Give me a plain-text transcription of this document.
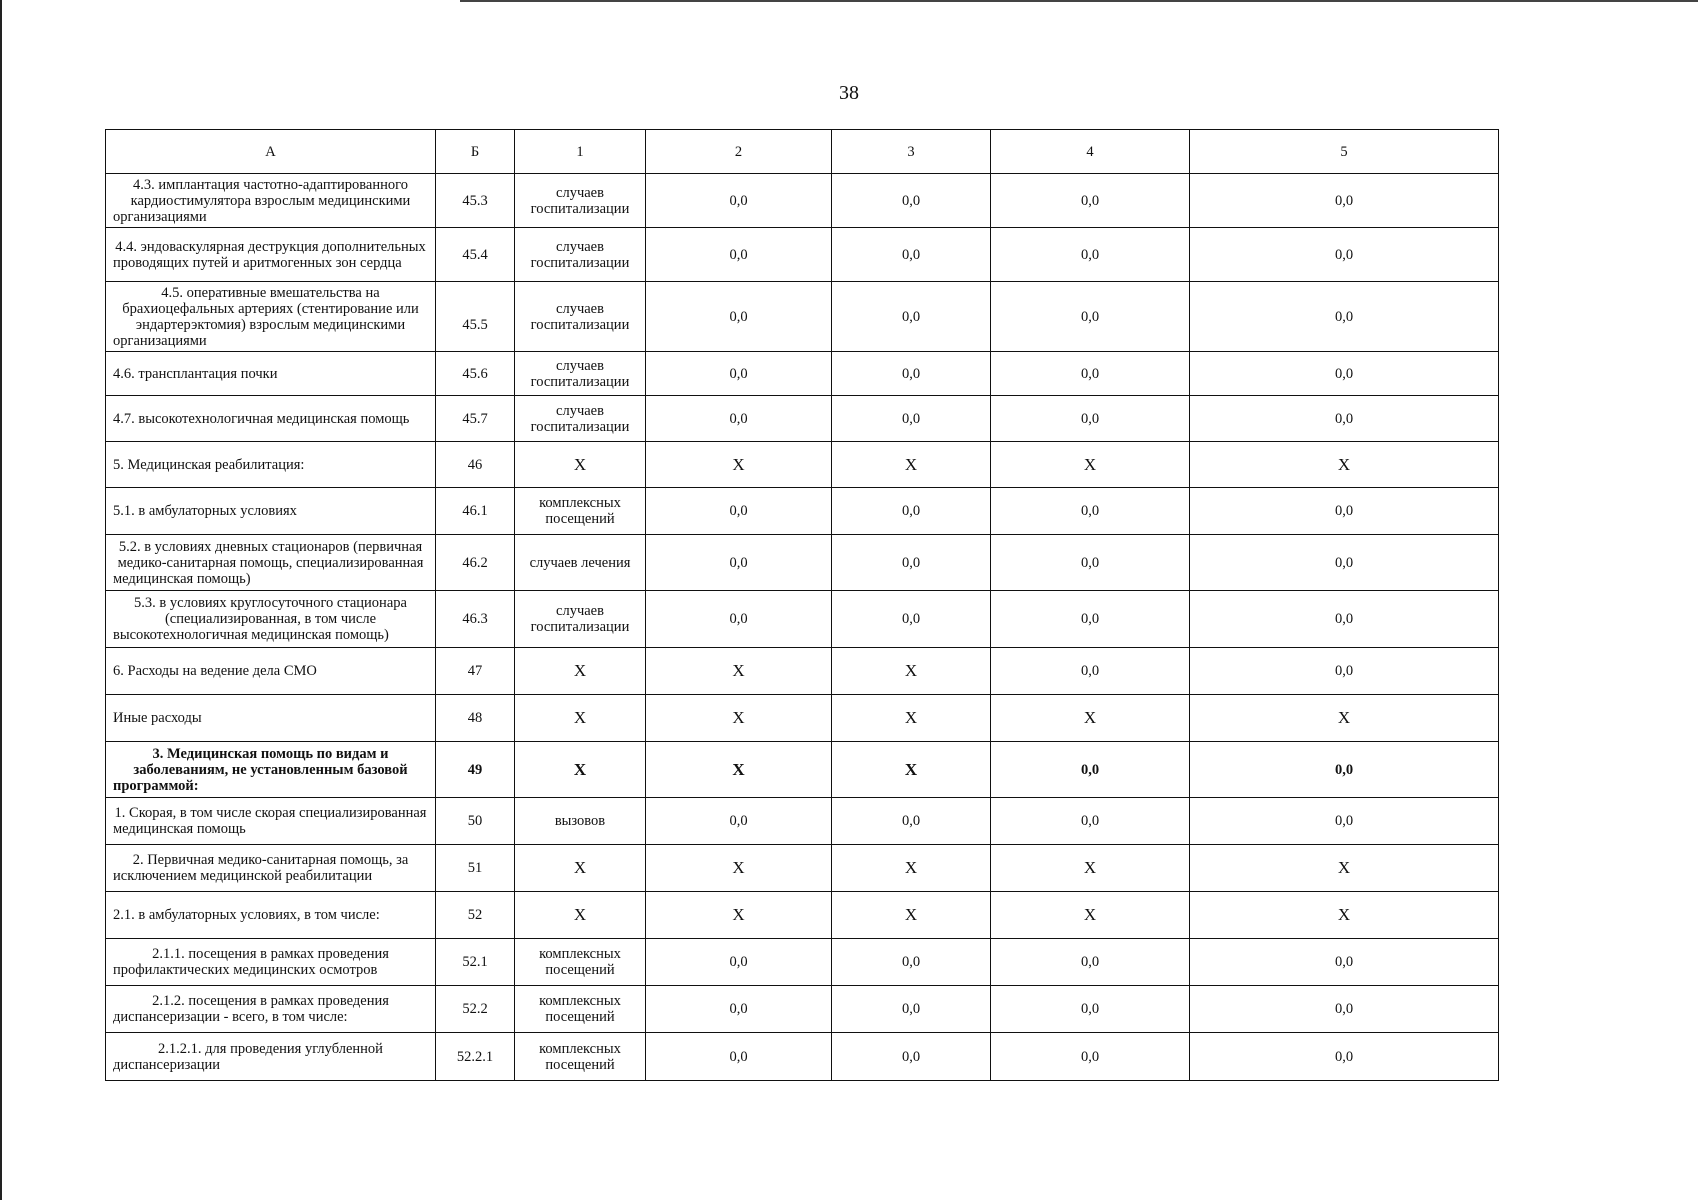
38
А	Б	1	2	3	4	5
4.3. имплантация частотно-адаптированного кардиостимулятора взрослым медицинскими организациями	45.3	случаев госпитализации	0,0	0,0	0,0	0,0
4.4. эндоваскулярная деструкция дополнительных проводящих путей и аритмогенных зон сердца	45.4	случаев госпитализации	0,0	0,0	0,0	0,0
4.5. оперативные вмешательства на брахиоцефальных артериях (стентирование или эндартерэктомия) взрослым медицинскими организациями	45.5	случаев госпитализации	0,0	0,0	0,0	0,0
4.6. трансплантация почки	45.6	случаев госпитализации	0,0	0,0	0,0	0,0
4.7. высокотехнологичная медицинская помощь	45.7	случаев госпитализации	0,0	0,0	0,0	0,0
5. Медицинская реабилитация:	46	Х	Х	Х	Х	Х
5.1. в амбулаторных условиях	46.1	комплексных посещений	0,0	0,0	0,0	0,0
5.2. в условиях дневных стационаров (первичная медико-санитарная помощь, специализированная медицинская помощь)	46.2	случаев лечения	0,0	0,0	0,0	0,0
5.3. в условиях круглосуточного стационара (специализированная, в том числе высокотехнологичная медицинская помощь)	46.3	случаев госпитализации	0,0	0,0	0,0	0,0
6. Расходы на ведение дела СМО	47	Х	Х	Х	0,0	0,0
Иные расходы	48	Х	Х	Х	Х	Х
3. Медицинская помощь по видам и заболеваниям, не установленным базовой программой:	49	Х	Х	Х	0,0	0,0
1. Скорая, в том числе скорая специализированная медицинская помощь	50	вызовов	0,0	0,0	0,0	0,0
2. Первичная медико-санитарная помощь, за исключением медицинской реабилитации	51	Х	Х	Х	Х	Х
2.1. в амбулаторных условиях, в том числе:	52	Х	Х	Х	Х	Х
2.1.1. посещения в рамках проведения профилактических медицинских осмотров	52.1	комплексных посещений	0,0	0,0	0,0	0,0
2.1.2. посещения в рамках проведения диспансеризации - всего, в том числе:	52.2	комплексных посещений	0,0	0,0	0,0	0,0
2.1.2.1. для проведения углубленной диспансеризации	52.2.1	комплексных посещений	0,0	0,0	0,0	0,0
